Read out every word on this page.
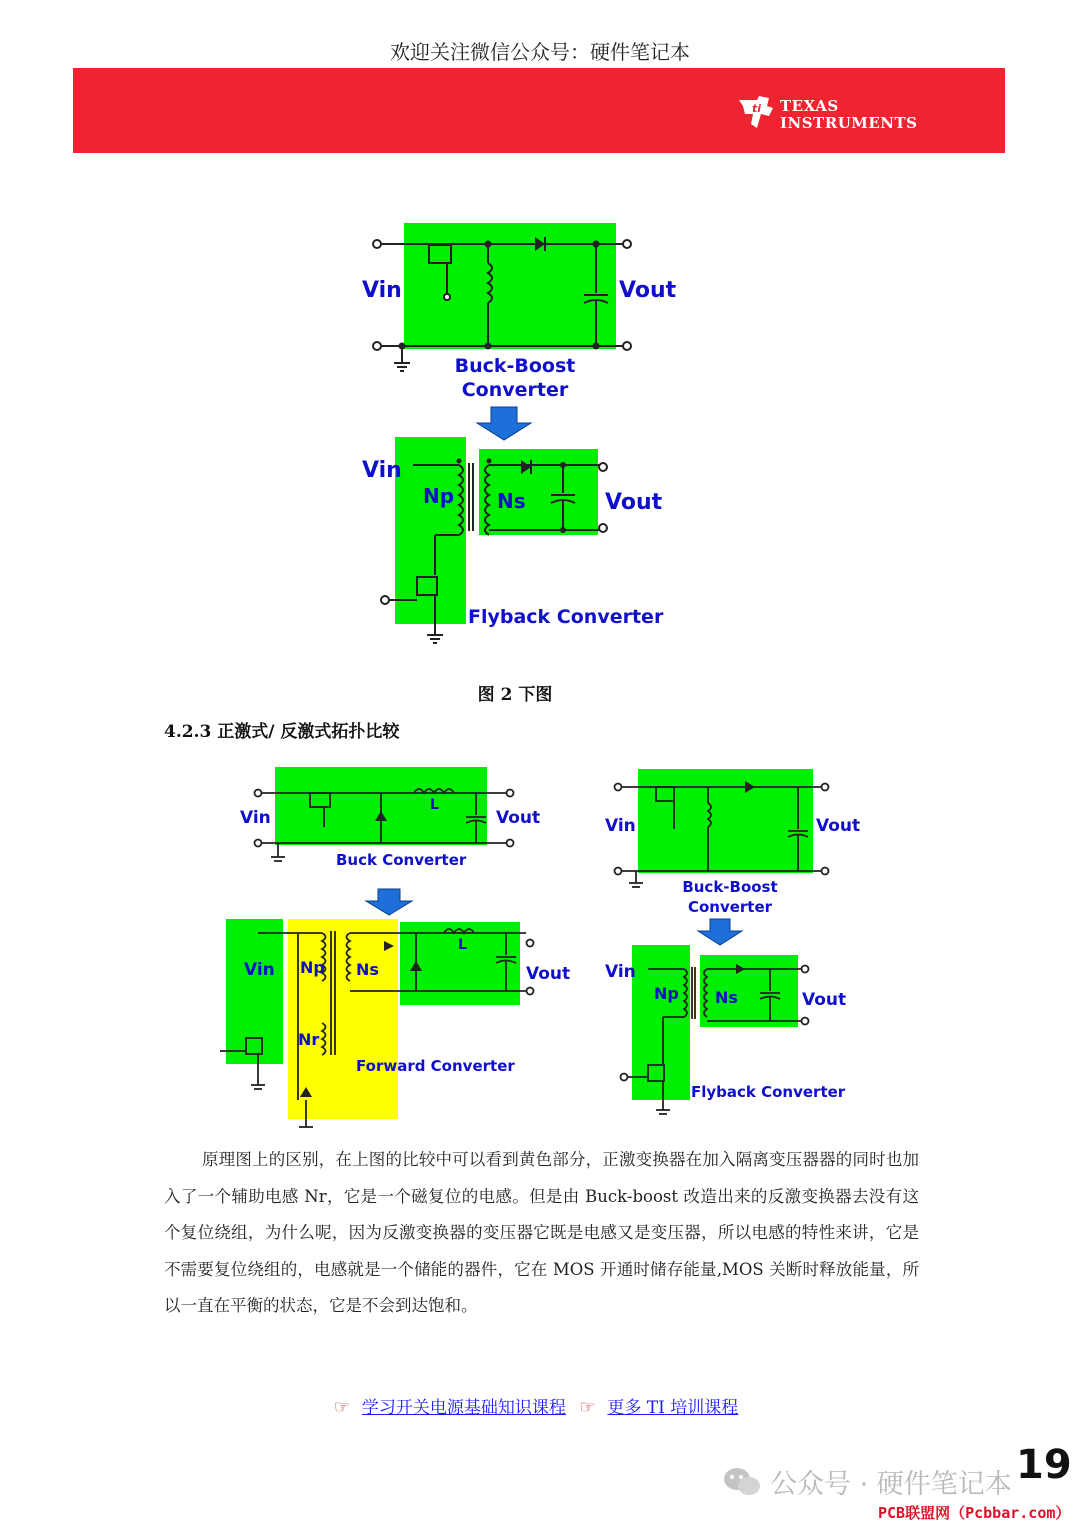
欢迎关注微信公众号：硬件笔记本
ti TEXAS
INSTRUMENTS
Vin	Vout
Buck-Boost
Converter
Vin
Np Ns	Vout
Flyback Converter
图 2 下图
4.2.3 正激式/ 反激式拓扑比较
Vin	Vout
L
Buck Converter
Vin Np Ns
Nr
L
Vout
Forward Converter
Vin	Vout
Buck-Boost
Converter
Vin
Np Ns	Vout
Flyback Converter

原理图上的区别，在上图的比较中可以看到黄色部分，正激变换器在加入隔离变压器器的同时也加入了一个辅助电感 Nr，它是一个磁复位的电感。但是由 Buck-boost 改造出来的反激变换器去没有这个复位绕组，为什么呢，因为反激变换器的变压器它既是电感又是变压器，所以电感的特性来讲，它是不需要复位绕组的，电感就是一个储能的器件，它在 MOS 开通时储存能量,MOS 关断时释放能量，所以一直在平衡的状态，它是不会到达饱和。

☞ 学习开关电源基础知识课程 ☞ 更多 TI 培训课程
公众号 · 硬件笔记本 19
PCB联盟网（Pcbbar.com）
